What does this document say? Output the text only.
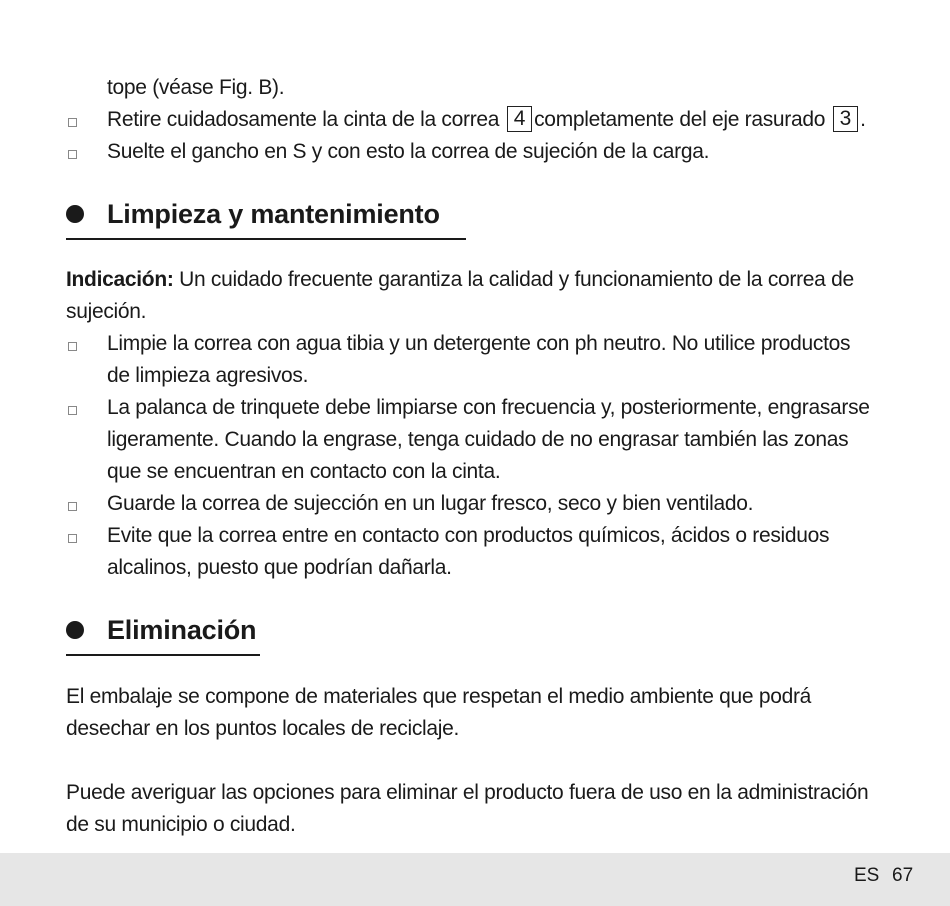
tope (véase Fig. B).
Retire cuidadosamente la cinta de la correa 4 completamente del eje rasurado 3 .
Suelte el gancho en S y con esto la correa de sujeción de la carga.
Limpieza y mantenimiento
Indicación: Un cuidado frecuente garantiza la calidad y funcionamiento de la correa de
sujeción.
Limpie la correa con agua tibia y un detergente con ph neutro. No utilice productos
de limpieza agresivos.
La palanca de trinquete debe limpiarse con frecuencia y, posteriormente, engrasarse
ligeramente. Cuando la engrase, tenga cuidado de no engrasar también las zonas
que se encuentran en contacto con la cinta.
Guarde la correa de sujección en un lugar fresco, seco y bien ventilado.
Evite que la correa entre en contacto con productos químicos, ácidos o residuos
alcalinos, puesto que podrían dañarla.
Eliminación
El embalaje se compone de materiales que respetan el medio ambiente que podrá
desechar en los puntos locales de reciclaje.
Puede averiguar las opciones para eliminar el producto fuera de uso en la administración
de su municipio o ciudad.
ES 67
